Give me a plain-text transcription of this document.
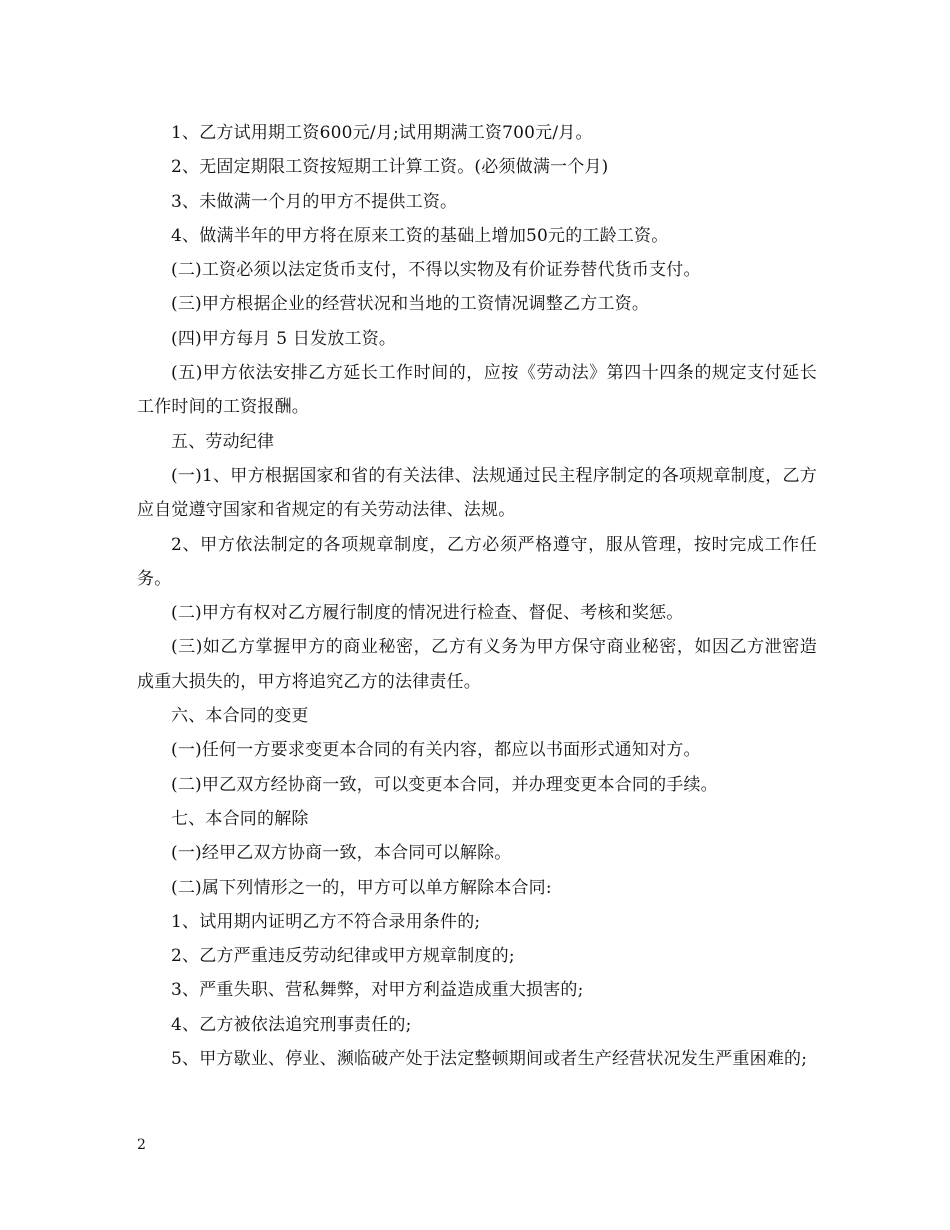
1、乙方试用期工资600元/月;试用期满工资700元/月。

2、无固定期限工资按短期工计算工资。(必须做满一个月)

3、未做满一个月的甲方不提供工资。

4、做满半年的甲方将在原来工资的基础上增加50元的工龄工资。

(二)工资必须以法定货币支付，不得以实物及有价证券替代货币支付。

(三)甲方根据企业的经营状况和当地的工资情况调整乙方工资。

(四)甲方每月 5 日发放工资。

(五)甲方依法安排乙方延长工作时间的，应按《劳动法》第四十四条的规定支付延长工作时间的工资报酬。

五、劳动纪律

(一)1、甲方根据国家和省的有关法律、法规通过民主程序制定的各项规章制度，乙方应自觉遵守国家和省规定的有关劳动法律、法规。

2、甲方依法制定的各项规章制度，乙方必须严格遵守，服从管理，按时完成工作任务。

(二)甲方有权对乙方履行制度的情况进行检查、督促、考核和奖惩。

(三)如乙方掌握甲方的商业秘密，乙方有义务为甲方保守商业秘密，如因乙方泄密造成重大损失的，甲方将追究乙方的法律责任。

六、本合同的变更

(一)任何一方要求变更本合同的有关内容，都应以书面形式通知对方。

(二)甲乙双方经协商一致，可以变更本合同，并办理变更本合同的手续。

七、本合同的解除

(一)经甲乙双方协商一致，本合同可以解除。

(二)属下列情形之一的，甲方可以单方解除本合同:

1、试用期内证明乙方不符合录用条件的;

2、乙方严重违反劳动纪律或甲方规章制度的;

3、严重失职、营私舞弊，对甲方利益造成重大损害的;

4、乙方被依法追究刑事责任的;

5、甲方歇业、停业、濒临破产处于法定整顿期间或者生产经营状况发生严重困难的;

2
